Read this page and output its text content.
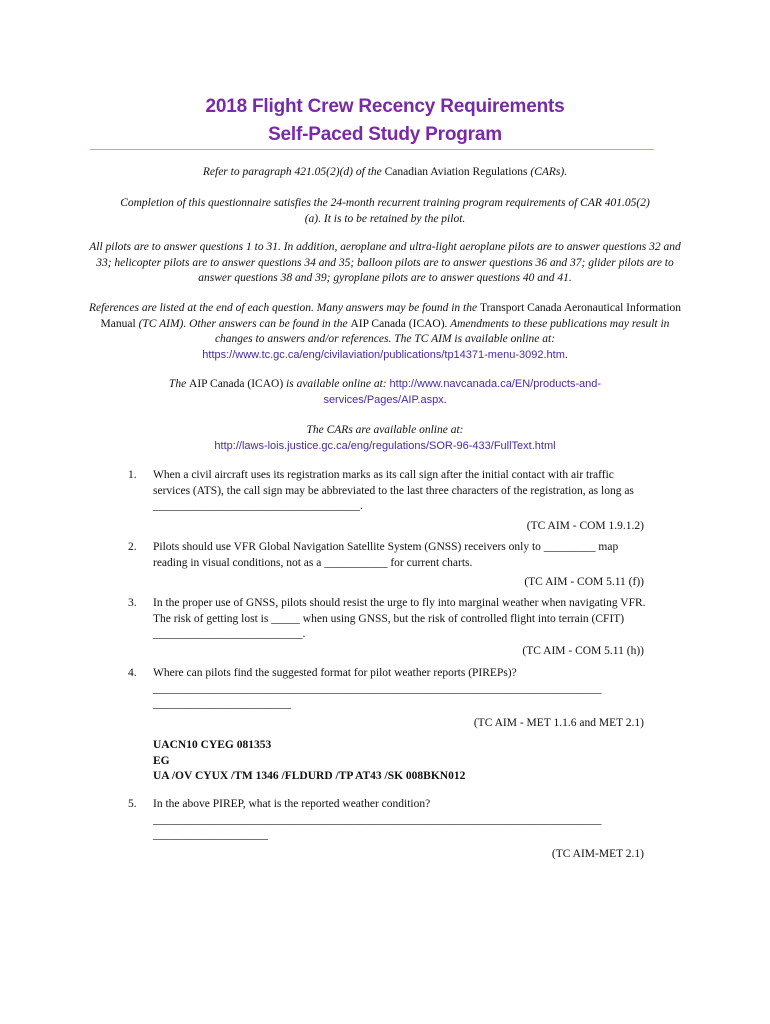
2018 Flight Crew Recency Requirements
Self-Paced Study Program
Refer to paragraph 421.05(2)(d) of the Canadian Aviation Regulations (CARs).
Completion of this questionnaire satisfies the 24-month recurrent training program requirements of CAR 401.05(2)(a). It is to be retained by the pilot.
All pilots are to answer questions 1 to 31. In addition, aeroplane and ultra-light aeroplane pilots are to answer questions 32 and 33; helicopter pilots are to answer questions 34 and 35; balloon pilots are to answer questions 36 and 37; glider pilots are to answer questions 38 and 39; gyroplane pilots are to answer questions 40 and 41.
References are listed at the end of each question. Many answers may be found in the Transport Canada Aeronautical Information Manual (TC AIM). Other answers can be found in the AIP Canada (ICAO). Amendments to these publications may result in changes to answers and/or references. The TC AIM is available online at:
https://www.tc.gc.ca/eng/civilaviation/publications/tp14371-menu-3092.htm.
The AIP Canada (ICAO) is available online at: http://www.navcanada.ca/EN/products-and-services/Pages/AIP.aspx.
The CARs are available online at:
http://laws-lois.justice.gc.ca/eng/regulations/SOR-96-433/FullText.html
1. When a civil aircraft uses its registration marks as its call sign after the initial contact with air traffic services (ATS), the call sign may be abbreviated to the last three characters of the registration, as long as ____________________________________.
(TC AIM - COM 1.9.1.2)
2. Pilots should use VFR Global Navigation Satellite System (GNSS) receivers only to _________ map reading in visual conditions, not as a ___________ for current charts.
(TC AIM - COM 5.11 (f))
3. In the proper use of GNSS, pilots should resist the urge to fly into marginal weather when navigating VFR. The risk of getting lost is _____ when using GNSS, but the risk of controlled flight into terrain (CFIT) __________________________.
(TC AIM - COM 5.11 (h))
4. Where can pilots find the suggested format for pilot weather reports (PIREPs)?
______________________________________________________________________________
________________________
(TC AIM - MET 1.1.6 and MET 2.1)
UACN10 CYEG 081353
EG
UA /OV CYUX /TM 1346 /FLDURD /TP AT43 /SK 008BKN012
5. In the above PIREP, what is the reported weather condition?
______________________________________________________________________________
____________________
(TC AIM-MET 2.1)
